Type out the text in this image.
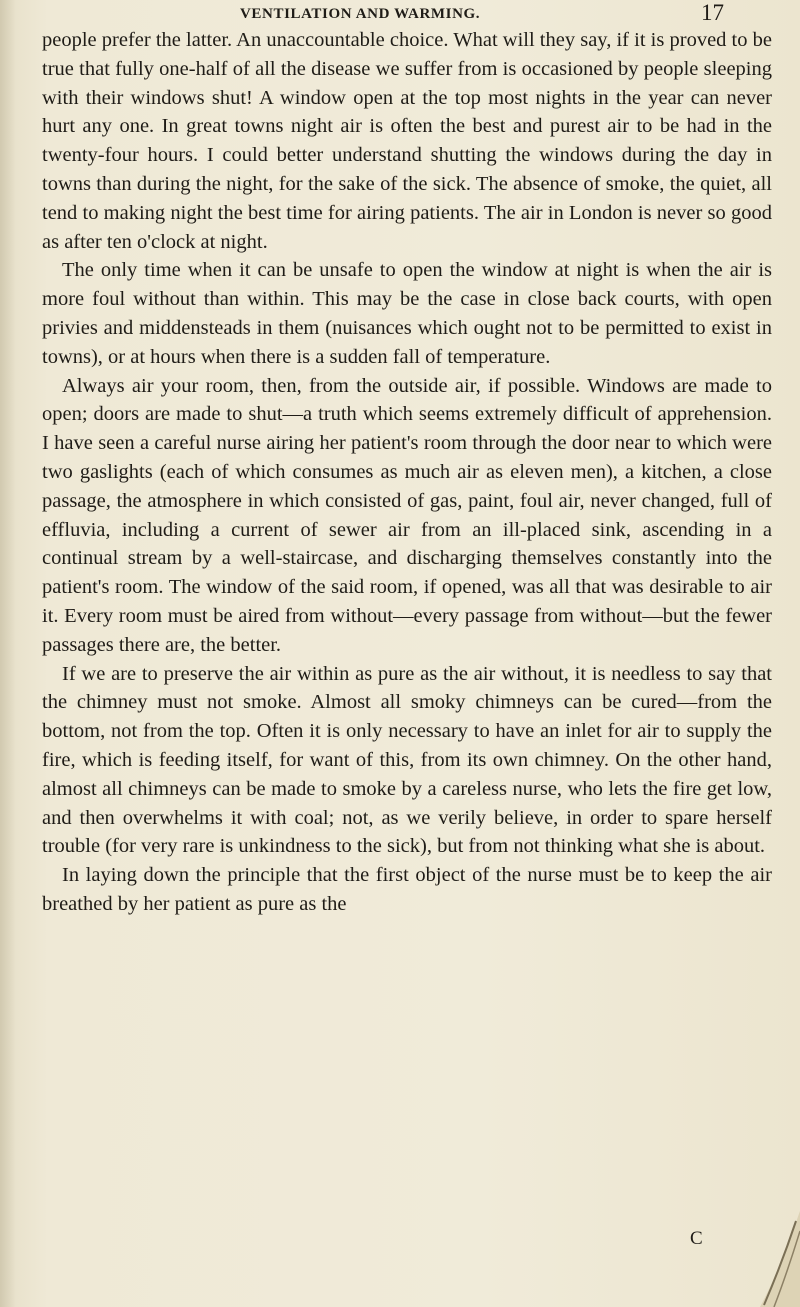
VENTILATION AND WARMING.	17

people prefer the latter. An unaccountable choice. What will they say, if it is proved to be true that fully one-half of all the disease we suffer from is occasioned by people sleeping with their windows shut! A window open at the top most nights in the year can never hurt any one. In great towns night air is often the best and purest air to be had in the twenty-four hours. I could better understand shutting the windows during the day in towns than during the night, for the sake of the sick. The absence of smoke, the quiet, all tend to making night the best time for airing patients. The air in London is never so good as after ten o'clock at night.

The only time when it can be unsafe to open the window at night is when the air is more foul without than within. This may be the case in close back courts, with open privies and middensteads in them (nuisances which ought not to be permitted to exist in towns), or at hours when there is a sudden fall of temperature.

Always air your room, then, from the outside air, if possible. Windows are made to open; doors are made to shut—a truth which seems extremely difficult of apprehension. I have seen a careful nurse airing her patient's room through the door near to which were two gaslights (each of which consumes as much air as eleven men), a kitchen, a close passage, the atmosphere in which consisted of gas, paint, foul air, never changed, full of effluvia, including a current of sewer air from an ill-placed sink, ascending in a continual stream by a well-staircase, and discharging themselves constantly into the patient's room. The window of the said room, if opened, was all that was desirable to air it. Every room must be aired from without—every passage from without—but the fewer passages there are, the better.

If we are to preserve the air within as pure as the air without, it is needless to say that the chimney must not smoke. Almost all smoky chimneys can be cured—from the bottom, not from the top. Often it is only necessary to have an inlet for air to supply the fire, which is feeding itself, for want of this, from its own chimney. On the other hand, almost all chimneys can be made to smoke by a careless nurse, who lets the fire get low, and then overwhelms it with coal; not, as we verily believe, in order to spare herself trouble (for very rare is unkindness to the sick), but from not thinking what she is about.

In laying down the principle that the first object of the nurse must be to keep the air breathed by her patient as pure as the

C
